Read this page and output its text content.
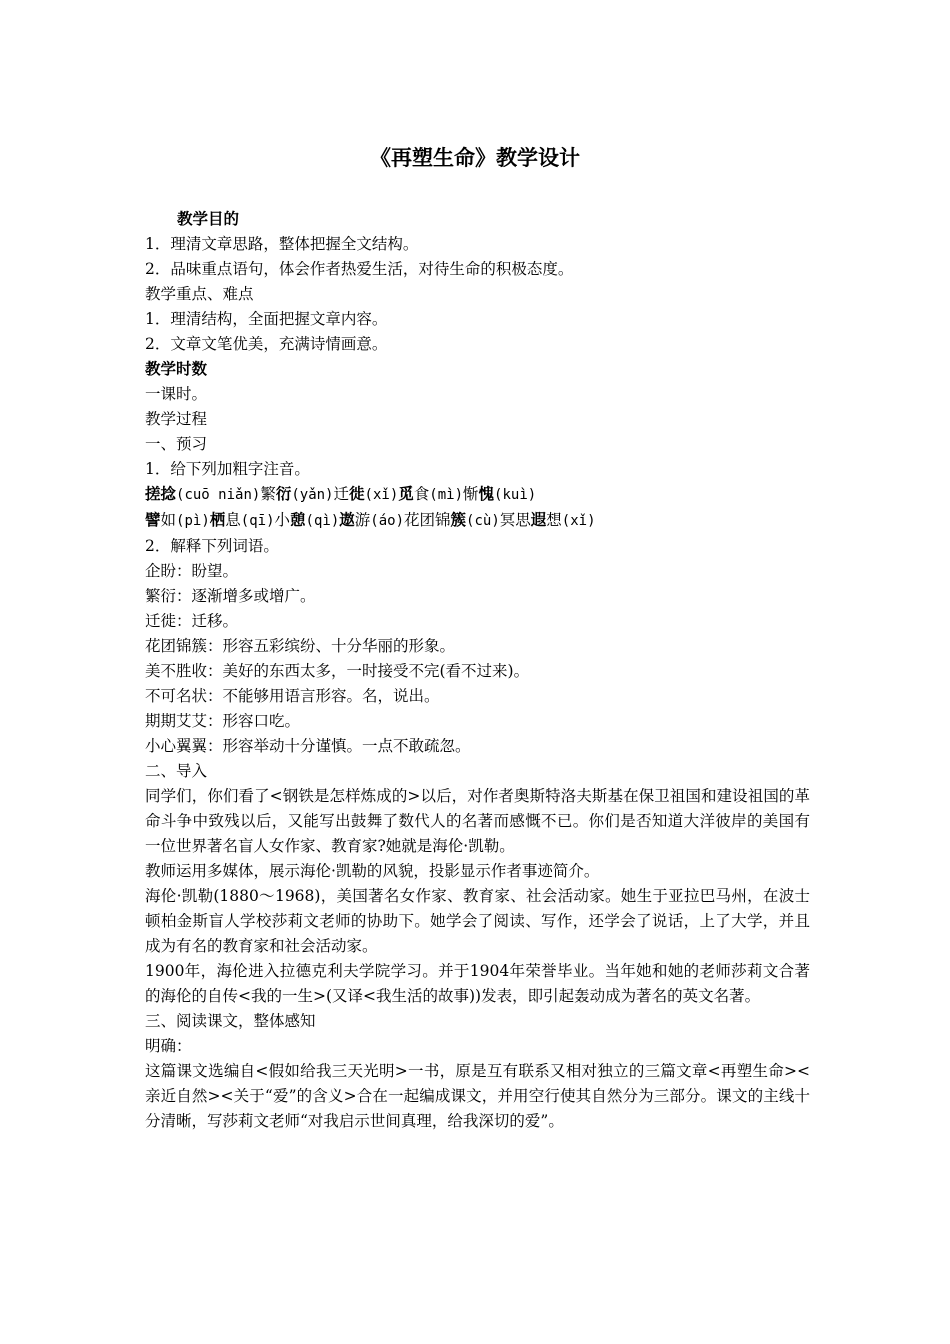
《再塑生命》教学设计

教学目的

1．理清文章思路，整体把握全文结构。

2．品味重点语句，体会作者热爱生活，对待生命的积极态度。

教学重点、难点

1．理清结构，全面把握文章内容。

2．文章文笔优美，充满诗情画意。

教学时数

一课时。

教学过程

一、预习

1．给下列加粗字注音。

搓捻(cuō niǎn)繁衍(yǎn)迁徙(xǐ)觅食(mì)惭愧(kuì)

譬如(pì)栖息(qī)小憩(qì)遨游(áo)花团锦簇(cù)冥思遐想(xǐ)

2．解释下列词语。

企盼：盼望。

繁衍：逐渐增多或增广。

迁徙：迁移。

花团锦簇：形容五彩缤纷、十分华丽的形象。

美不胜收：美好的东西太多，一时接受不完(看不过来)。

不可名状：不能够用语言形容。名，说出。

期期艾艾：形容口吃。

小心翼翼：形容举动十分谨慎。一点不敢疏忽。

二、导入

同学们，你们看了<钢铁是怎样炼成的>以后，对作者奥斯特洛夫斯基在保卫祖国和建设祖国的革命斗争中致残以后，又能写出鼓舞了数代人的名著而感慨不已。你们是否知道大洋彼岸的美国有一位世界著名盲人女作家、教育家?她就是海伦·凯勒。

教师运用多媒体，展示海伦·凯勒的风貌，投影显示作者事迹简介。

海伦·凯勒(1880～1968)，美国著名女作家、教育家、社会活动家。她生于亚拉巴马州，在波士顿柏金斯盲人学校莎莉文老师的协助下。她学会了阅读、写作，还学会了说话，上了大学，并且成为有名的教育家和社会活动家。

1900年，海伦进入拉德克利夫学院学习。并于1904年荣誉毕业。当年她和她的老师莎莉文合著的海伦的自传<我的一生>(又译<我生活的故事))发表，即引起轰动成为著名的英文名著。

三、阅读课文，整体感知

明确：

这篇课文选编自<假如给我三天光明>一书，原是互有联系又相对独立的三篇文章<再塑生命><亲近自然><关于“爱”的含义>合在一起编成课文，并用空行使其自然分为三部分。课文的主线十分清晰，写莎莉文老师“对我启示世间真理，给我深切的爱”。
